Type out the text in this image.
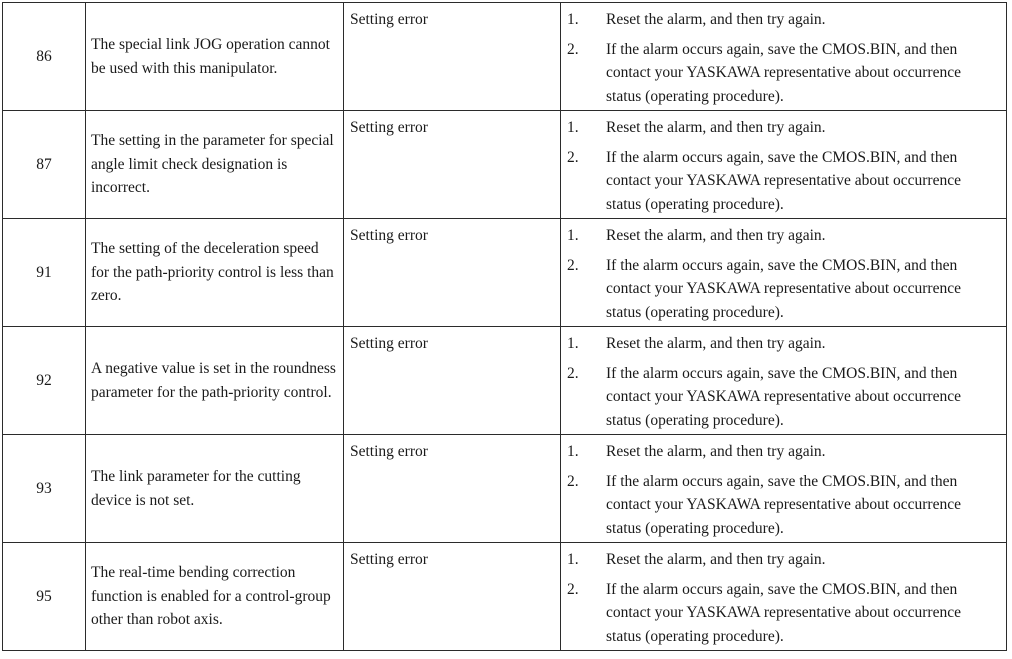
86	The special link JOG operation cannot be used with this manipulator.	Setting error	1. Reset the alarm, and then try again.
2. If the alarm occurs again, save the CMOS.BIN, and then contact your YASKAWA representative about occurrence status (operating procedure).

87	The setting in the parameter for special angle limit check designation is incorrect.	Setting error	1. Reset the alarm, and then try again.
2. If the alarm occurs again, save the CMOS.BIN, and then contact your YASKAWA representative about occurrence status (operating procedure).

91	The setting of the deceleration speed for the path-priority control is less than zero.	Setting error	1. Reset the alarm, and then try again.
2. If the alarm occurs again, save the CMOS.BIN, and then contact your YASKAWA representative about occurrence status (operating procedure).

92	A negative value is set in the roundness parameter for the path-priority control.	Setting error	1. Reset the alarm, and then try again.
2. If the alarm occurs again, save the CMOS.BIN, and then contact your YASKAWA representative about occurrence status (operating procedure).

93	The link parameter for the cutting device is not set.	Setting error	1. Reset the alarm, and then try again.
2. If the alarm occurs again, save the CMOS.BIN, and then contact your YASKAWA representative about occurrence status (operating procedure).

95	The real-time bending correction function is enabled for a control-group other than robot axis.	Setting error	1. Reset the alarm, and then try again.
2. If the alarm occurs again, save the CMOS.BIN, and then contact your YASKAWA representative about occurrence status (operating procedure).
